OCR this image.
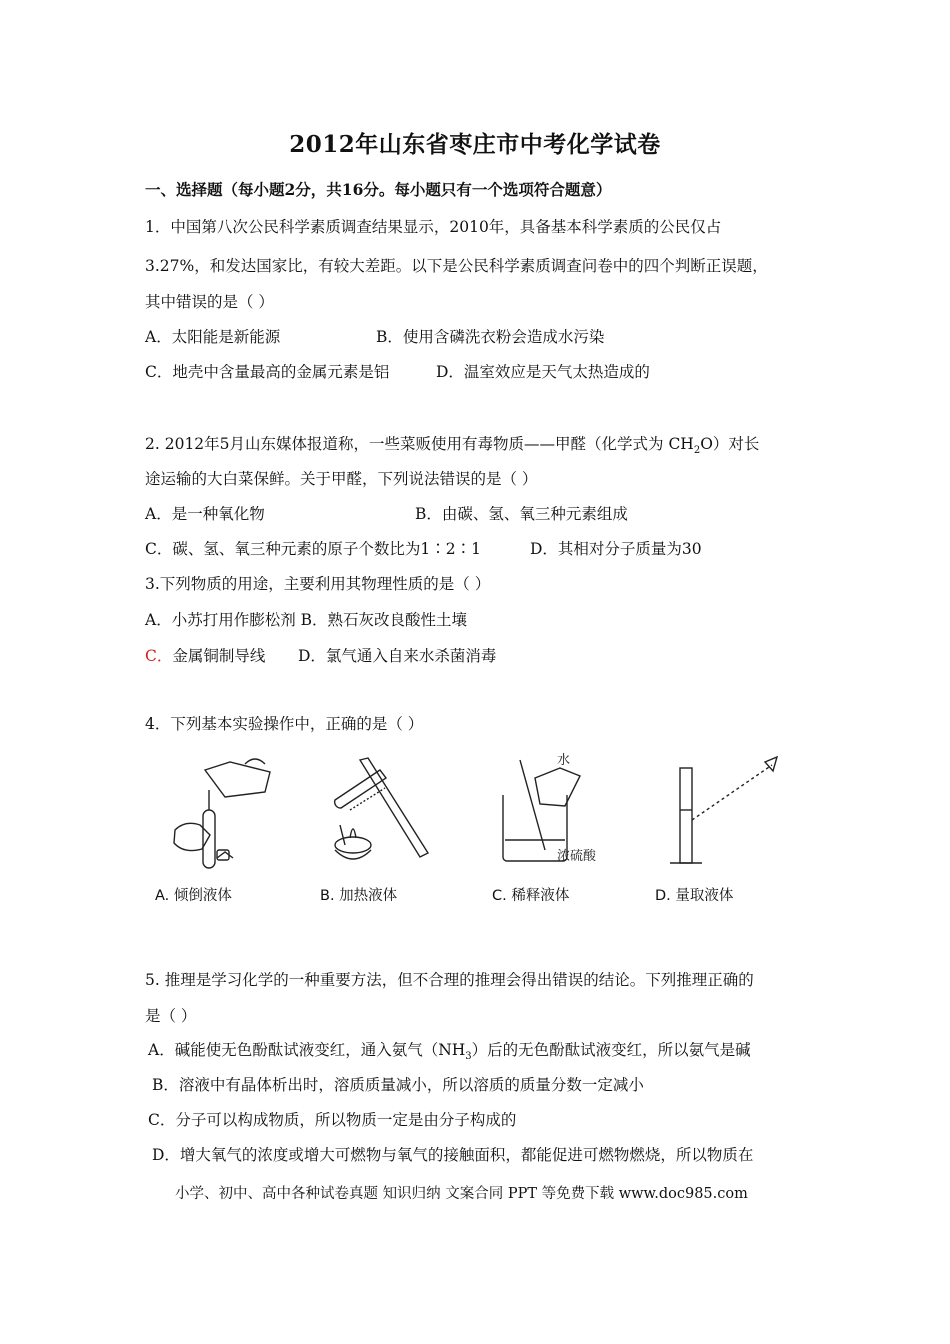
2012年山东省枣庄市中考化学试卷
一、选择题（每小题2分，共16分。每小题只有一个选项符合题意）
1．中国第八次公民科学素质调查结果显示，2010年，具备基本科学素质的公民仅占
3.27%，和发达国家比，有较大差距。以下是公民科学素质调查问卷中的四个判断正误题，
其中错误的是（ ）
A．太阳能是新能源	B．使用含磷洗衣粉会造成水污染
C．地壳中含量最高的金属元素是铝	D．温室效应是天气太热造成的
2. 2012年5月山东媒体报道称，一些菜贩使用有毒物质——甲醛（化学式为 $CH_2O$）对长
途运输的大白菜保鲜。关于甲醛，下列说法错误的是（ ）
A．是一种氧化物	B．由碳、氢、氧三种元素组成
C．碳、氢、氧三种元素的原子个数比为1∶2∶1	D．其相对分子质量为30
3.下列物质的用途，主要利用其物理性质的是（ ）
A．小苏打用作膨松剂 B．熟石灰改良酸性土壤
C．金属铜制导线 D．氯气通入自来水杀菌消毒
4．下列基本实验操作中，正确的是（ ）
水
浓硫酸
A. 倾倒液体	B. 加热液体	C. 稀释液体	D. 量取液体
5. 推理是学习化学的一种重要方法，但不合理的推理会得出错误的结论。下列推理正确的
是（ ）
A．碱能使无色酚酞试液变红，通入氨气$(NH_3)$后的无色酚酞试液变红，所以氨气是碱
B．溶液中有晶体析出时，溶质质量减小，所以溶质的质量分数一定减小
C．分子可以构成物质，所以物质一定是由分子构成的
D．增大氧气的浓度或增大可燃物与氧气的接触面积，都能促进可燃物燃烧，所以物质在
小学、初中、高中各种试卷真题 知识归纳 文案合同 PPT 等免费下载 www.doc985.com
